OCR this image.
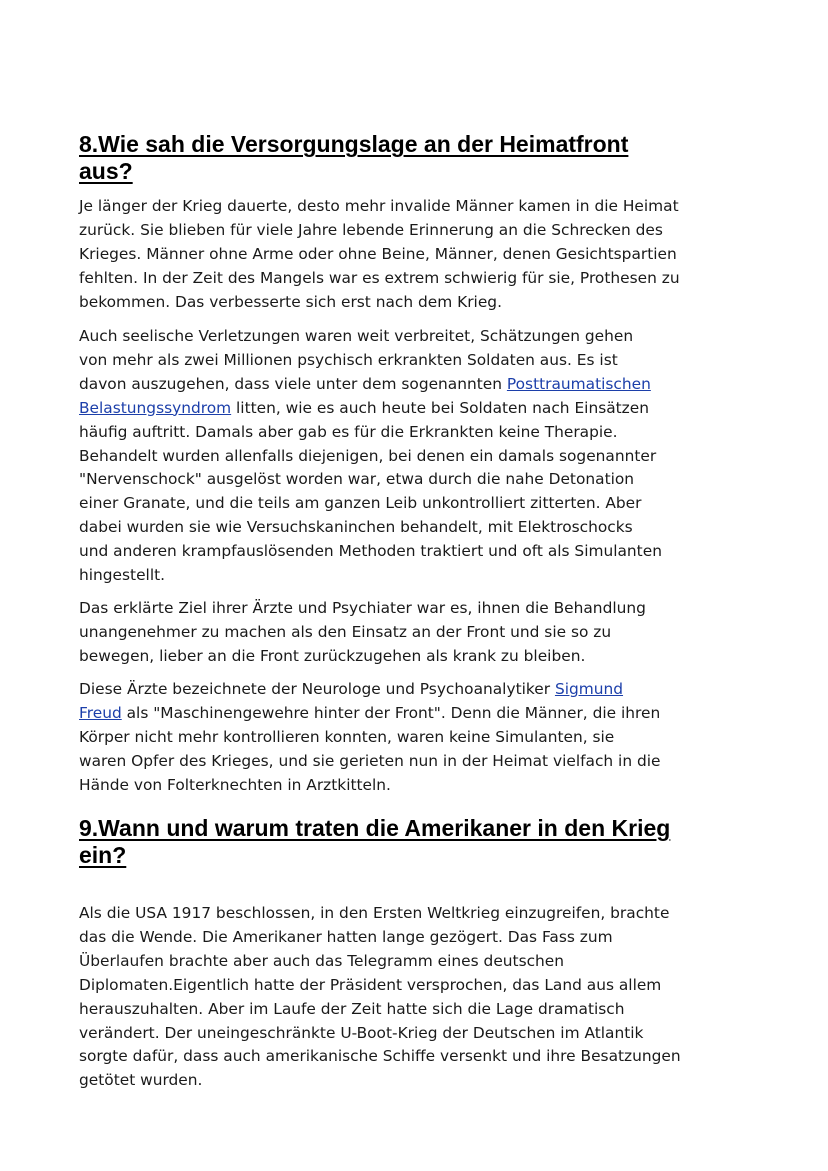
8.Wie sah die Versorgungslage an der Heimatfront
aus?
Je länger der Krieg dauerte, desto mehr invalide Männer kamen in die Heimat
zurück. Sie blieben für viele Jahre lebende Erinnerung an die Schrecken des
Krieges. Männer ohne Arme oder ohne Beine, Männer, denen Gesichtspartien
fehlten. In der Zeit des Mangels war es extrem schwierig für sie, Prothesen zu
bekommen. Das verbesserte sich erst nach dem Krieg.
Auch seelische Verletzungen waren weit verbreitet, Schätzungen gehen
von mehr als zwei Millionen psychisch erkrankten Soldaten aus. Es ist
davon auszugehen, dass viele unter dem sogenannten Posttraumatischen
Belastungssyndrom litten, wie es auch heute bei Soldaten nach Einsätzen
häufig auftritt. Damals aber gab es für die Erkrankten keine Therapie.
Behandelt wurden allenfalls diejenigen, bei denen ein damals sogenannter
"Nervenschock" ausgelöst worden war, etwa durch die nahe Detonation
einer Granate, und die teils am ganzen Leib unkontrolliert zitterten. Aber
dabei wurden sie wie Versuchskaninchen behandelt, mit Elektroschocks
und anderen krampfauslösenden Methoden traktiert und oft als Simulanten
hingestellt.
Das erklärte Ziel ihrer Ärzte und Psychiater war es, ihnen die Behandlung
unangenehmer zu machen als den Einsatz an der Front und sie so zu
bewegen, lieber an die Front zurückzugehen als krank zu bleiben.
Diese Ärzte bezeichnete der Neurologe und Psychoanalytiker Sigmund
Freud als "Maschinengewehre hinter der Front". Denn die Männer, die ihren
Körper nicht mehr kontrollieren konnten, waren keine Simulanten, sie
waren Opfer des Krieges, und sie gerieten nun in der Heimat vielfach in die
Hände von Folterknechten in Arztkitteln.
9.Wann und warum traten die Amerikaner in den Krieg
ein?
Als die USA 1917 beschlossen, in den Ersten Weltkrieg einzugreifen, brachte
das die Wende. Die Amerikaner hatten lange gezögert. Das Fass zum
Überlaufen brachte aber auch das Telegramm eines deutschen
Diplomaten.Eigentlich hatte der Präsident versprochen, das Land aus allem
herauszuhalten. Aber im Laufe der Zeit hatte sich die Lage dramatisch
verändert. Der uneingeschränkte U-Boot-Krieg der Deutschen im Atlantik
sorgte dafür, dass auch amerikanische Schiffe versenkt und ihre Besatzungen
getötet wurden.
